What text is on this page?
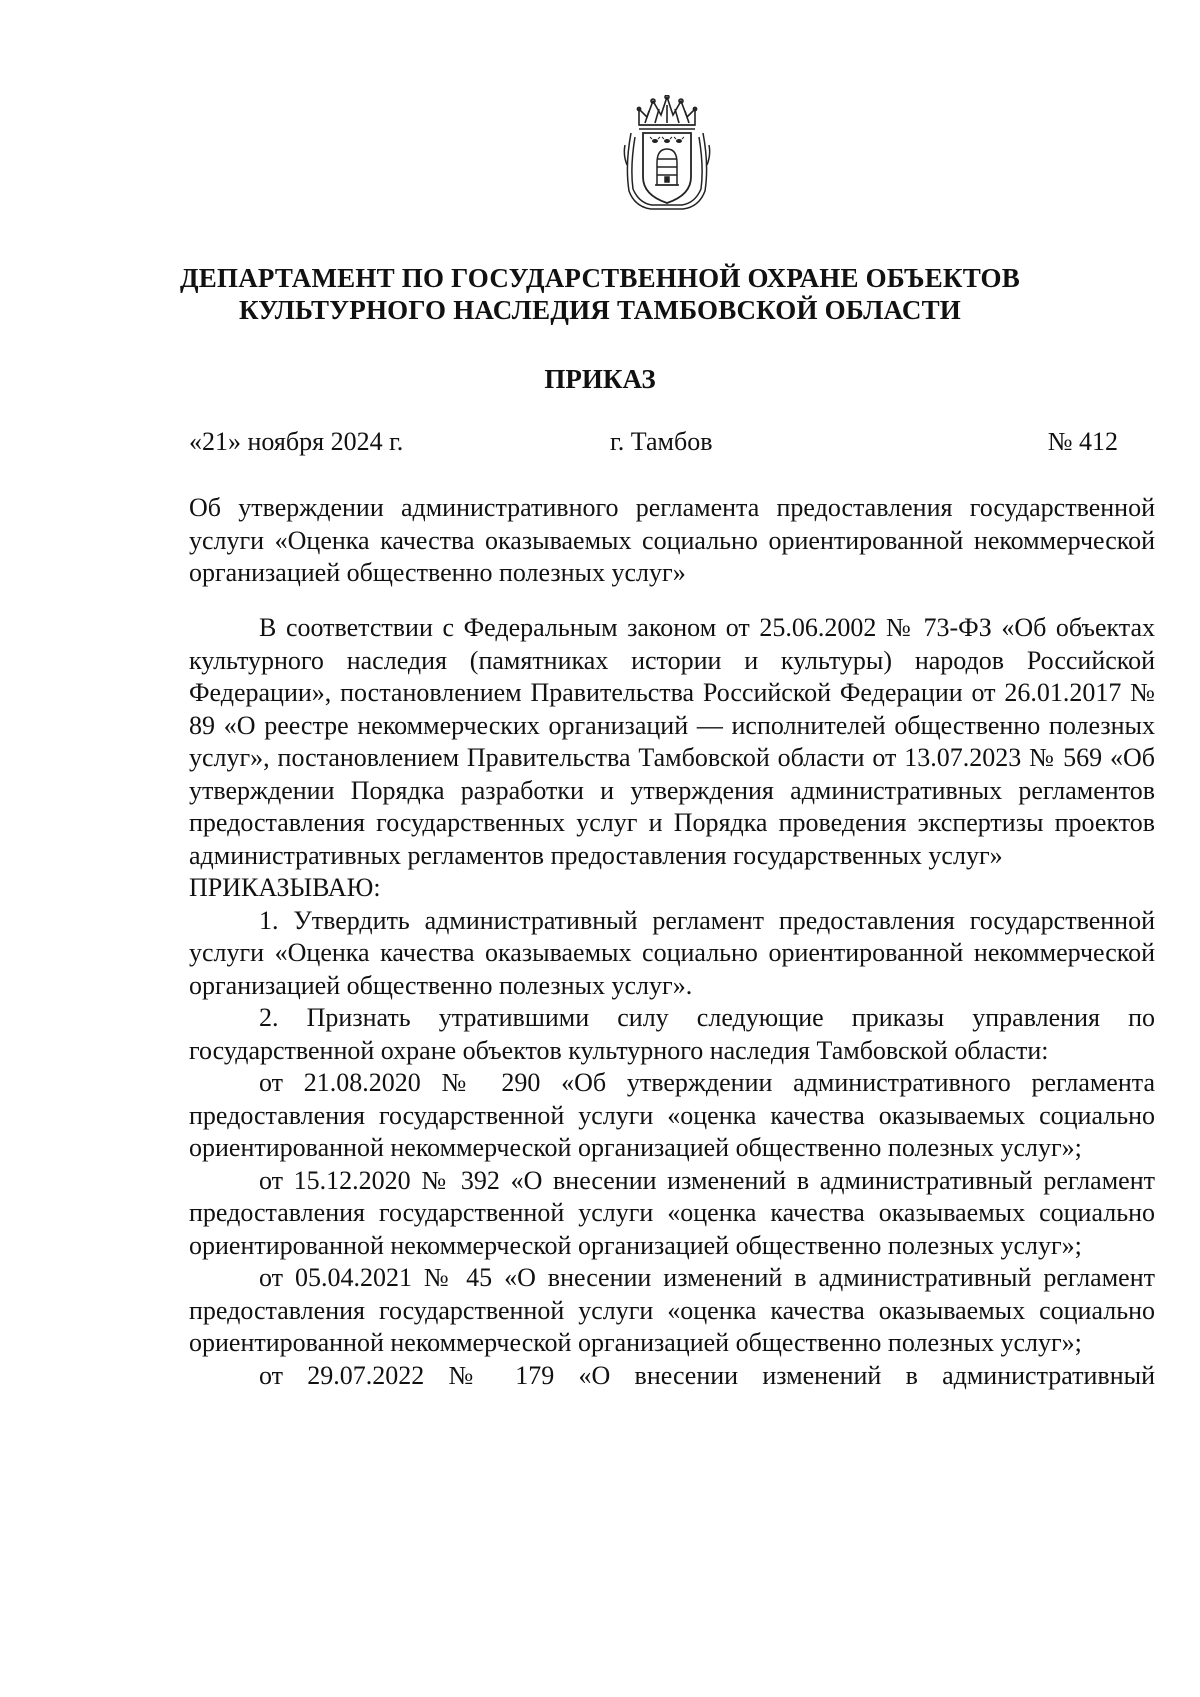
ДЕПАРТАМЕНТ ПО ГОСУДАРСТВЕННОЙ ОХРАНЕ ОБЪЕКТОВ
КУЛЬТУРНОГО НАСЛЕДИЯ ТАМБОВСКОЙ ОБЛАСТИ
ПРИКАЗ
«21» ноября 2024 г.	г. Тамбов	№ 412

Об утверждении административного регламента предоставления государственной услуги «Оценка качества оказываемых социально ориентированной некоммерческой организацией общественно полезных услуг»

В соответствии с Федеральным законом от 25.06.2002 № 73-ФЗ «Об объектах культурного наследия (памятниках истории и культуры) народов Российской Федерации», постановлением Правительства Российской Федерации от 26.01.2017 № 89 «О реестре некоммерческих организаций — исполнителей общественно полезных услуг», постановлением Правительства Тамбовской области от 13.07.2023 № 569 «Об утверждении Порядка разработки и утверждения административных регламентов предоставления государственных услуг и Порядка проведения экспертизы проектов административных регламентов предоставления государственных услуг»

ПРИКАЗЫВАЮ:

1. Утвердить административный регламент предоставления государственной услуги «Оценка качества оказываемых социально ориентированной некоммерческой организацией общественно полезных услуг».

2. Признать утратившими силу следующие приказы управления по государственной охране объектов культурного наследия Тамбовской области:

от 21.08.2020 № 290 «Об утверждении административного регламента предоставления государственной услуги «оценка качества оказываемых социально ориентированной некоммерческой организацией общественно полезных услуг»;

от 15.12.2020 № 392 «О внесении изменений в административный регламент предоставления государственной услуги «оценка качества оказываемых социально ориентированной некоммерческой организацией общественно полезных услуг»;

от 05.04.2021 № 45 «О внесении изменений в административный регламент предоставления государственной услуги «оценка качества оказываемых социально ориентированной некоммерческой организацией общественно полезных услуг»;

от 29.07.2022 № 179 «О внесении изменений в административный
